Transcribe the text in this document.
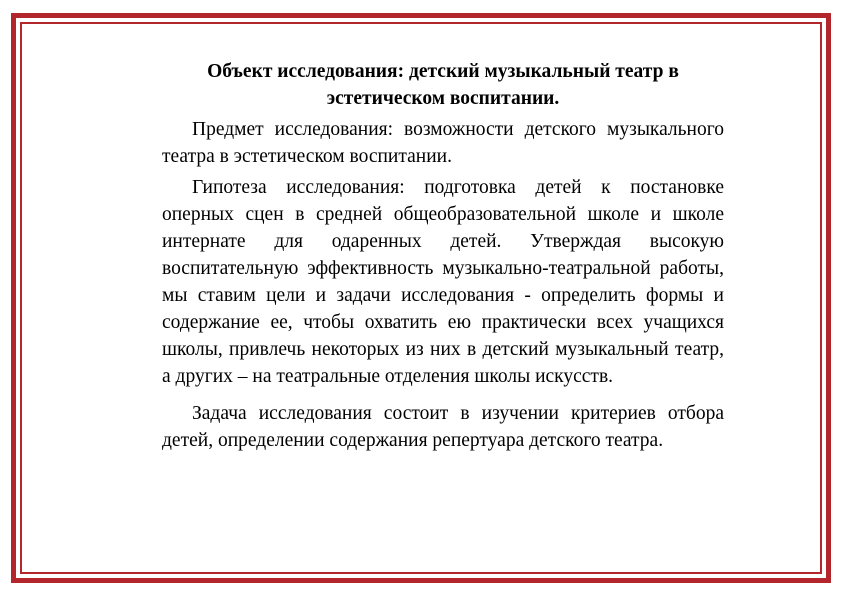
Объект исследования: детский музыкальный театр в эстетическом воспитании.

Предмет исследования: возможности детского музыкального театра в эстетическом воспитании.

Гипотеза исследования: подготовка детей к постановке оперных сцен в средней общеобразовательной школе и школе интернате для одаренных детей. Утверждая высокую воспитательную эффективность музыкально-театральной работы, мы ставим цели и задачи исследования - определить формы и содержание ее, чтобы охватить ею практически всех учащихся школы, привлечь некоторых из них в детский музыкальный театр, а других – на театральные отделения школы искусств.

Задача исследования состоит в изучении критериев отбора детей, определении содержания репертуара детского театра.
